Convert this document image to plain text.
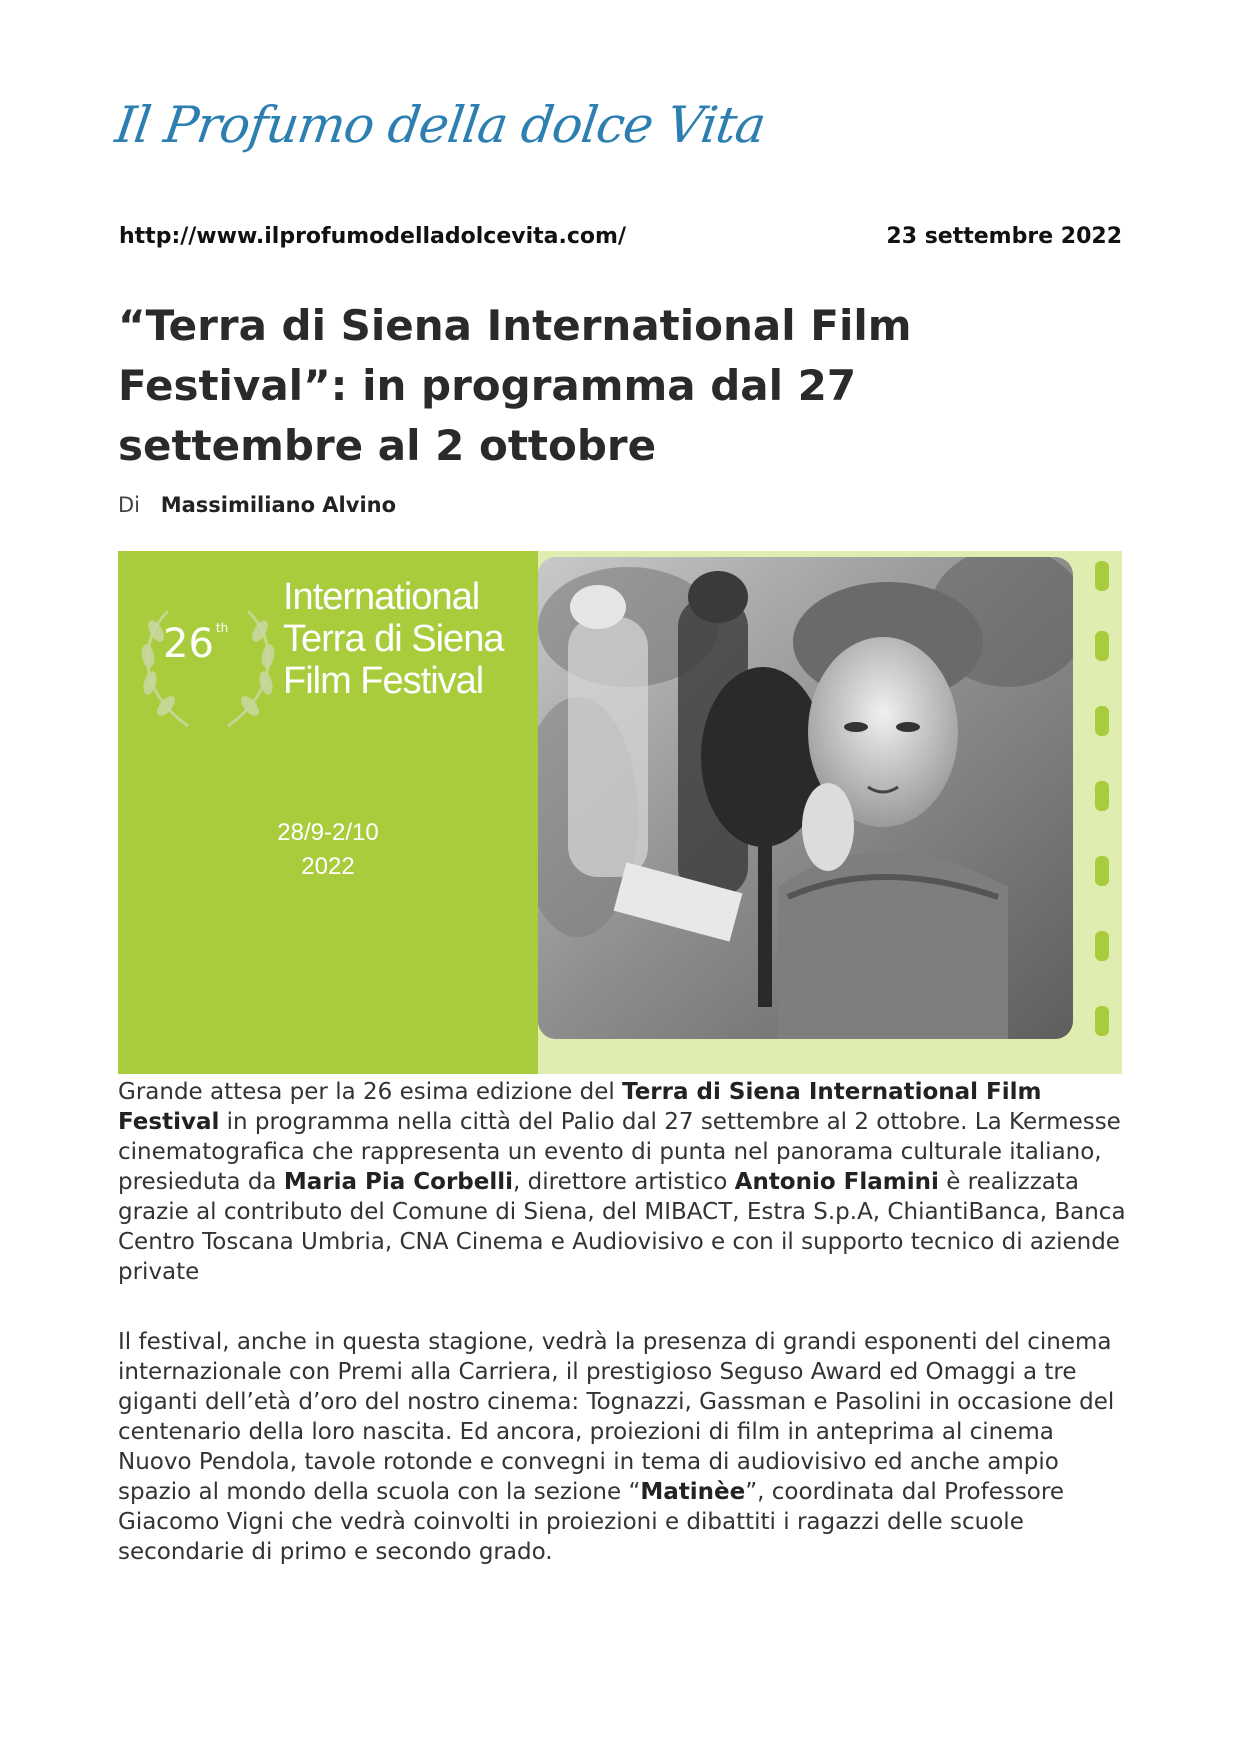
Il Profumo della dolce Vita
http://www.ilprofumodelladolcevita.com/	23 settembre 2022
“Terra di Siena International Film
Festival”: in programma dal 27
settembre al 2 ottobre
Di Massimiliano Alvino
26 $^{th}$
International
Terra di Siena
Film Festival
28/9-2/10
2022

Grande attesa per la 26 esima edizione del Terra di Siena International Film Festival in programma nella città del Palio dal 27 settembre al 2 ottobre. La Kermesse cinematografica che rappresenta un evento di punta nel panorama culturale italiano, presieduta da Maria Pia Corbelli, direttore artistico Antonio Flamini è realizzata grazie al contributo del Comune di Siena, del MIBACT, Estra S.p.A, ChiantiBanca, Banca Centro Toscana Umbria, CNA Cinema e Audiovisivo e con il supporto tecnico di aziende private

Il festival, anche in questa stagione, vedrà la presenza di grandi esponenti del cinema internazionale con Premi alla Carriera, il prestigioso Seguso Award ed Omaggi a tre giganti dell’età d’oro del nostro cinema: Tognazzi, Gassman e Pasolini in occasione del centenario della loro nascita. Ed ancora, proiezioni di film in anteprima al cinema Nuovo Pendola, tavole rotonde e convegni in tema di audiovisivo ed anche ampio spazio al mondo della scuola con la sezione “Matinèe”, coordinata dal Professore Giacomo Vigni che vedrà coinvolti in proiezioni e dibattiti i ragazzi delle scuole secondarie di primo e secondo grado.
